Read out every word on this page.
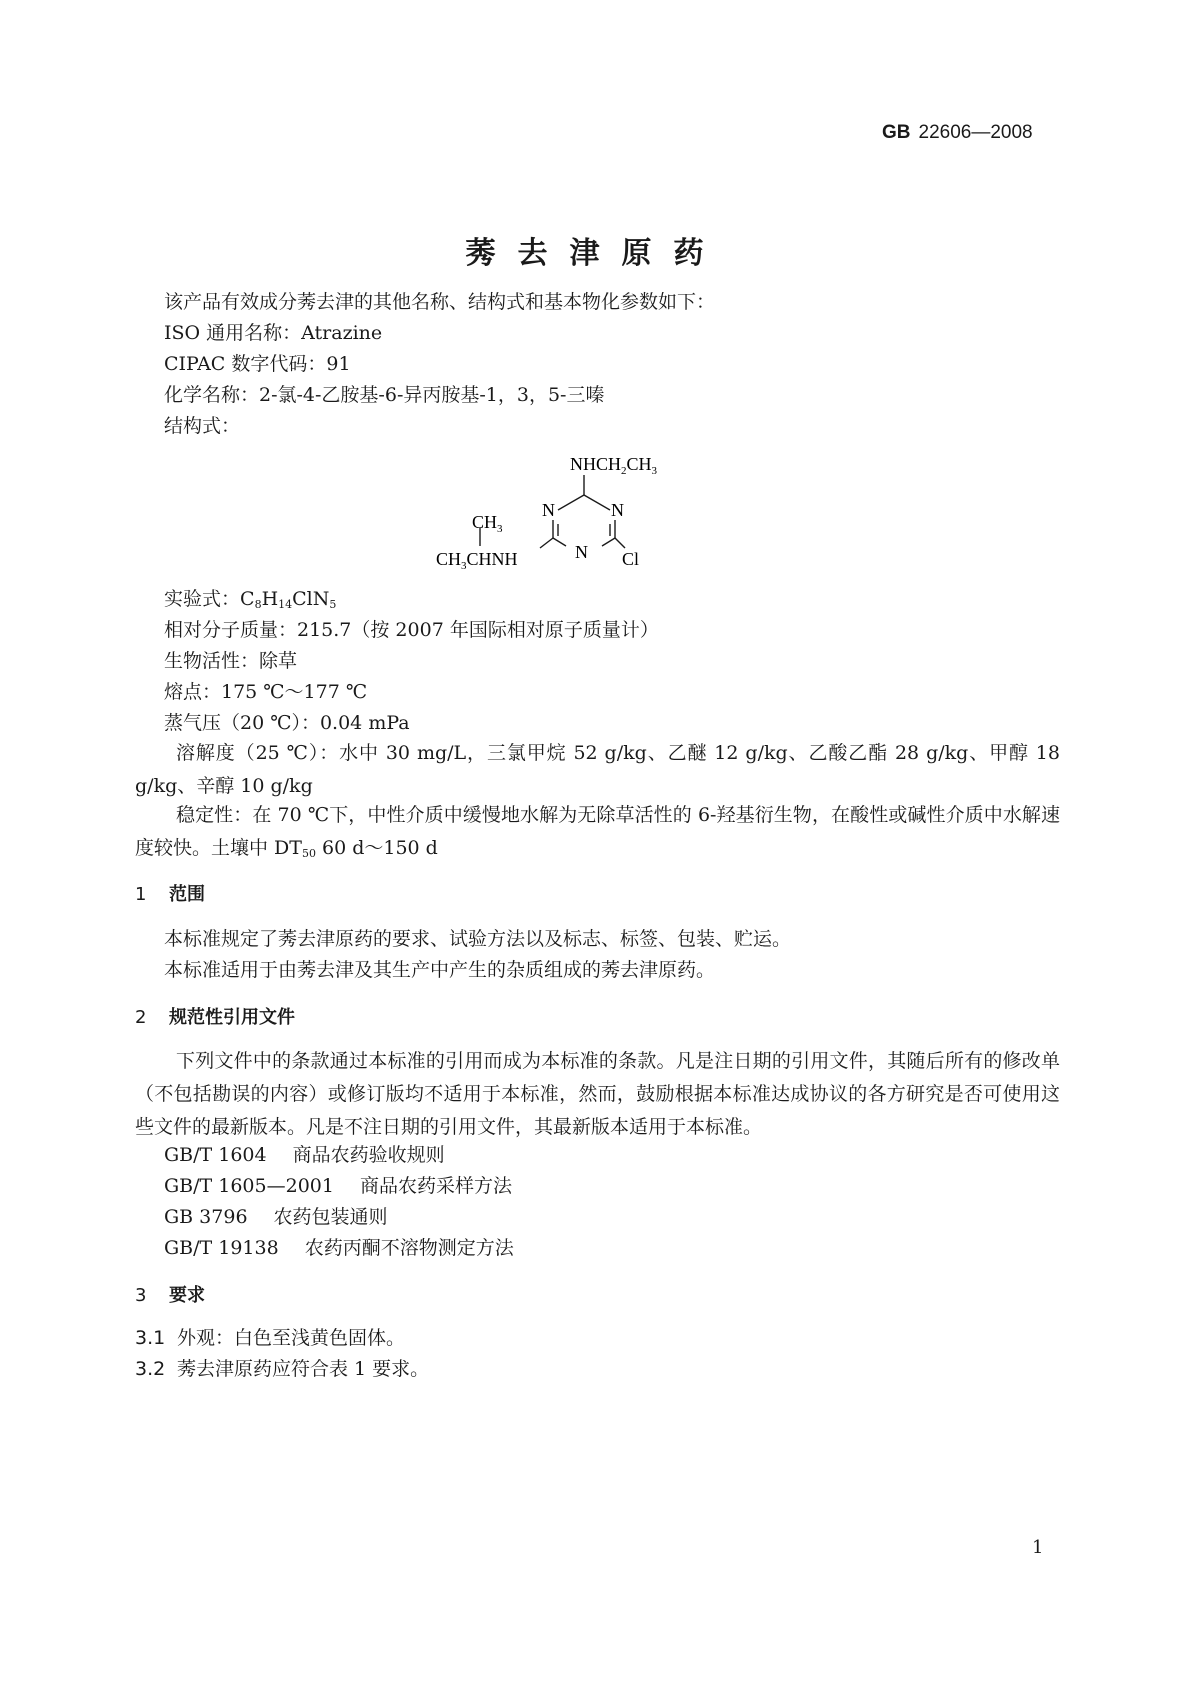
GB 22606—2008
莠去津原药
该产品有效成分莠去津的其他名称、结构式和基本物化参数如下：
ISO 通用名称：Atrazine
CIPAC 数字代码：91
化学名称：2-氯-4-乙胺基-6-异丙胺基-1，3，5-三嗪
结构式：
$NHCH_2CH_3$
N	N
N
$CH_3$
$CH_3CHNH$	Cl
实验式：$C_8H_{14}ClN_5$
相对分子质量：215.7（按 2007 年国际相对原子质量计）
生物活性：除草
熔点：175 ℃～177 ℃
蒸气压（20 ℃）：0.04 mPa
溶解度（25 ℃）：水中 30 mg/L，三氯甲烷 52 g/kg、乙醚 12 g/kg、乙酸乙酯 28 g/kg、甲醇 18 g/kg、辛醇 10 g/kg
稳定性：在 70 ℃下，中性介质中缓慢地水解为无除草活性的 6-羟基衍生物，在酸性或碱性介质中水解速度较快。土壤中 $DT_{50}$ 60 d～150 d
1 范围
本标准规定了莠去津原药的要求、试验方法以及标志、标签、包装、贮运。
本标准适用于由莠去津及其生产中产生的杂质组成的莠去津原药。
2 规范性引用文件
下列文件中的条款通过本标准的引用而成为本标准的条款。凡是注日期的引用文件，其随后所有的修改单（不包括勘误的内容）或修订版均不适用于本标准，然而，鼓励根据本标准达成协议的各方研究是否可使用这些文件的最新版本。凡是不注日期的引用文件，其最新版本适用于本标准。
GB/T 1604 商品农药验收规则
GB/T 1605—2001 商品农药采样方法
GB 3796 农药包装通则
GB/T 19138 农药丙酮不溶物测定方法
3 要求
3.1 外观：白色至浅黄色固体。
3.2 莠去津原药应符合表 1 要求。
1
